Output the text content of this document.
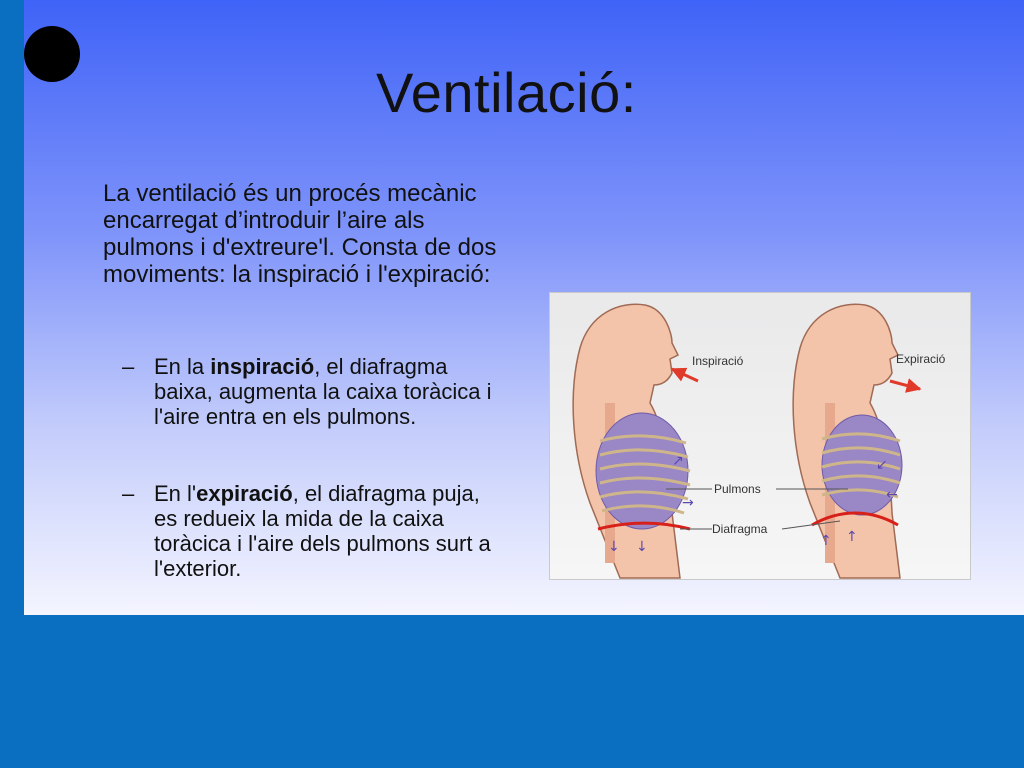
Ventilació:

La ventilació és un procés mecànic encarregat d’introduir l’aire als pulmons i d'extreure'l. Consta de dos moviments: la inspiració i l'expiració:

– En la inspiració, el diafragma baixa, augmenta la caixa toràcica i l'aire entra en els pulmons.

– En l'expiració, el diafragma puja, es redueix la mida de la caixa toràcica i l'aire dels pulmons surt a l'exterior.

↓ ↓
↗
→
↑ ↑
↙
←
Inspiració	Expiració
Pulmons
Diafragma
